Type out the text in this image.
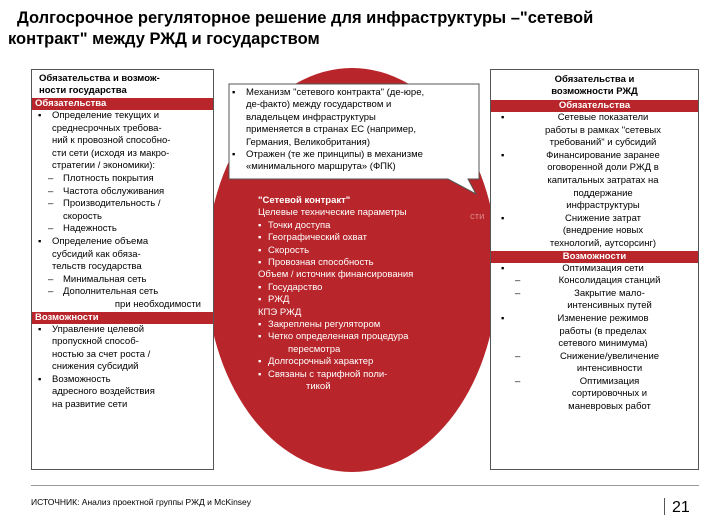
Долгосрочное регуляторное решение для инфраструктуры –"сетевой
контракт" между РЖД и государством
Обязательства и возмож-
ности государства
Обязательства
▪ Определение текущих и
среднесрочных требова-
ний к провозной способно-
сти сети (исходя из макро-
стратегии / экономики):
– Плотность покрытия
– Частота обслуживания
– Производительность /
скорость
– Надежность
▪ Определение объема
субсидий как обяза-
тельств государства
– Минимальная сеть
– Дополнительная сеть
при необходимости
Возможности
▪ Управление целевой
пропускной способ-
ностью за счет роста /
снижения субсидий
▪ Возможность
адресного воздействия
на развитие сети
Обязательства и
возможности РЖД
Обязательства
▪	Сетевые показатели
работы в рамках "сетевых
требований" и субсидий
▪	Финансирование заранее
оговоренной доли РЖД в
капитальных затратах на
поддержание
инфраструктуры
▪	Снижение затрат
(внедрение новых
технологий, аутсорсинг)
Возможности
▪	Оптимизация сети
–	Консолидация станций
–	Закрытие мало-
интенсивных путей
▪	Изменение режимов
работы (в пределах
сетевого минимума)
–	Снижение/увеличение
интенсивности
–	Оптимизация
сортировочных и
маневровых работ
▪ Механизм "сетевого контракта" (де-юре,
де-факто) между государством и
владельцем инфраструктуры
применяется в странах ЕС (например,
Германия, Великобритания)
▪ Отражен (те же принципы) в механизме
«минимального маршрута» (ФПК)
сти
"Сетевой контракт"
Целевые технические параметры
▪ Точки доступа
▪ Географический охват
▪ Скорость
▪ Провозная способность
Объем / источник финансирования
▪ Государство
▪ РЖД
КПЭ РЖД
▪ Закреплены регулятором
▪ Четко определенная процедура
пересмотра
▪ Долгосрочный характер
▪ Связаны с тарифной поли-
тикой
ИСТОЧНИК: Анализ проектной группы РЖД и McKinsey	21
